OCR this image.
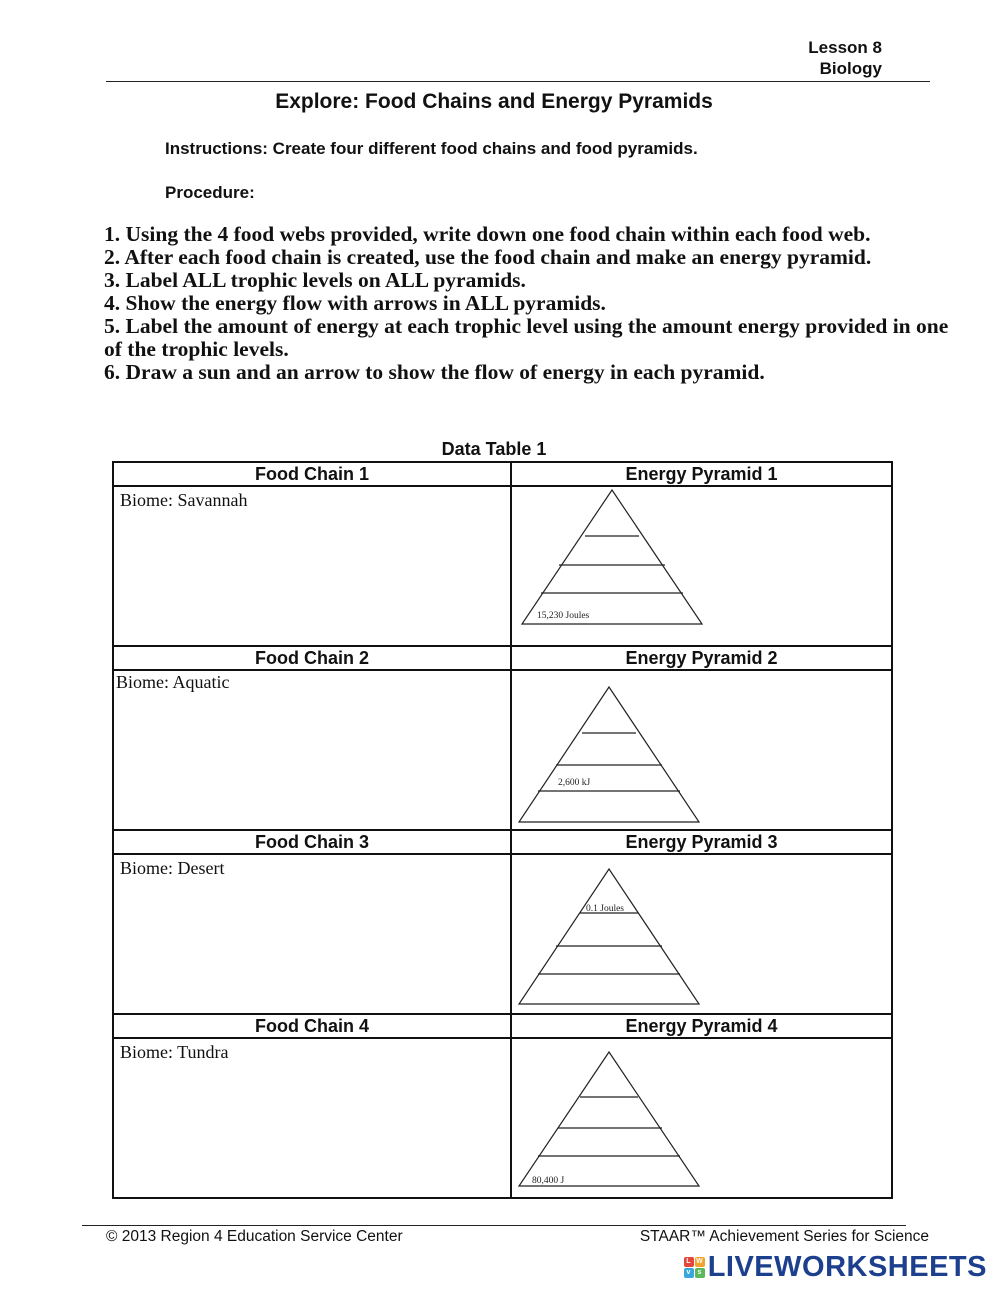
Lesson 8
Biology
Explore: Food Chains and Energy Pyramids
Instructions: Create four different food chains and food pyramids.
Procedure:
1. Using the 4 food webs provided, write down one food chain within each food web.
2. After each food chain is created, use the food chain and make an energy pyramid.
3. Label ALL trophic levels on ALL pyramids.
4. Show the energy flow with arrows in ALL pyramids.
5. Label the amount of energy at each trophic level using the amount energy provided in one of the trophic levels.
6. Draw a sun and an arrow to show the flow of energy in each pyramid.
Data Table 1
Food Chain 1	Energy Pyramid 1

Biome: Savannah	15,230 Joules

Food Chain 2	Energy Pyramid 2

Biome: Aquatic	2,600 kJ

Food Chain 3	Energy Pyramid 3

Biome: Desert	0.1 Joules

Food Chain 4	Energy Pyramid 4

Biome: Tundra	80,400 J
© 2013 Region 4 Education Service Center	STAAR™ Achievement Series for Science
L W
v s LIVEWORKSHEETS
